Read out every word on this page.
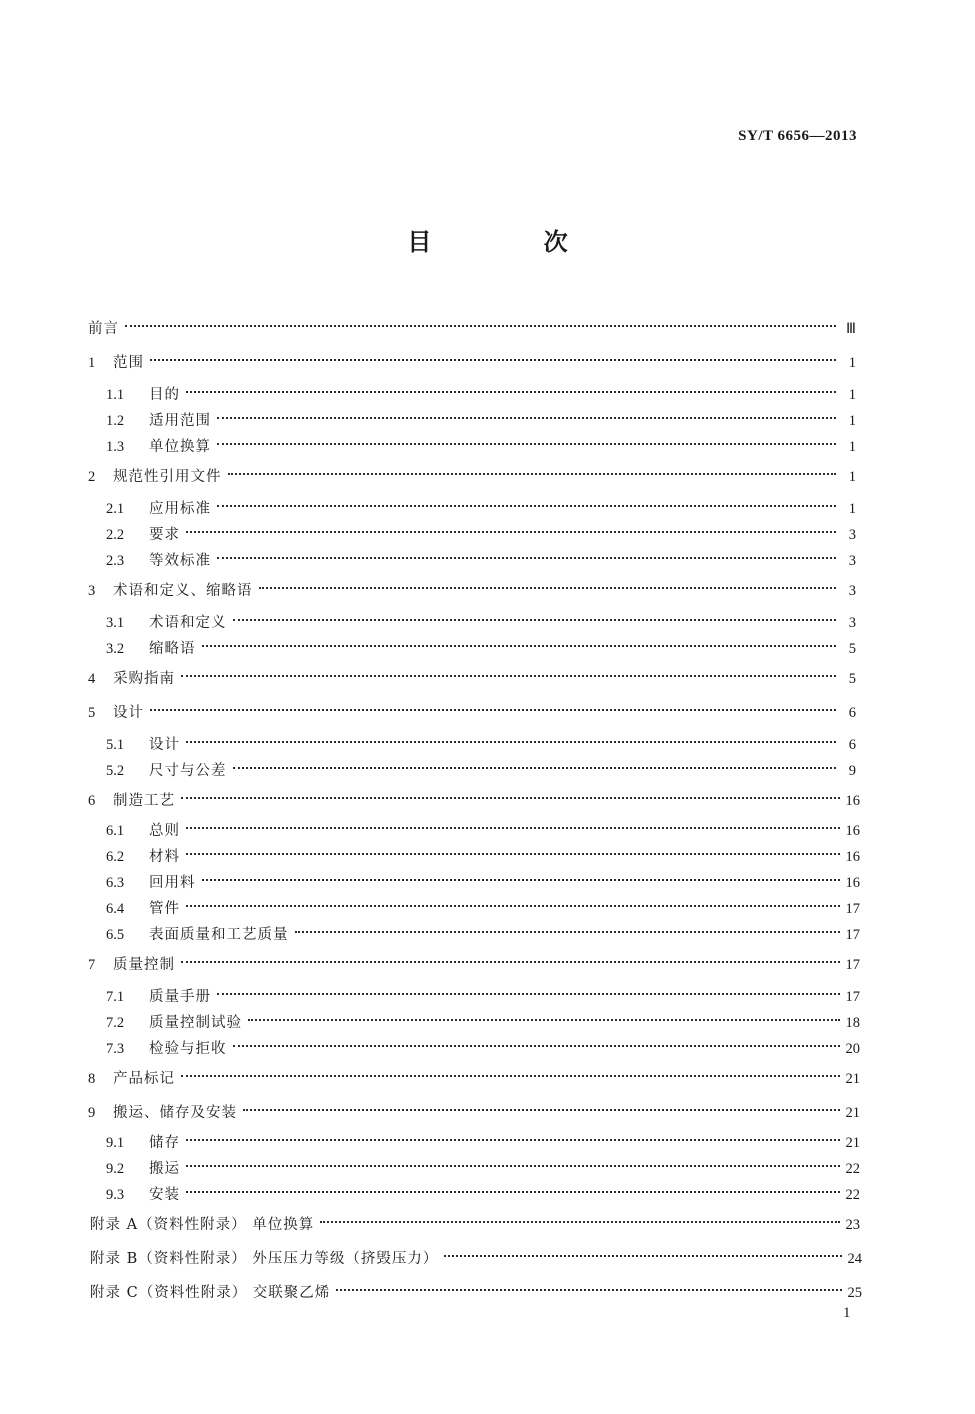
SY/T 6656—2013
目 次
前言	Ⅲ
1	范围	1
1.1	目的	1
1.2	适用范围	1
1.3	单位换算	1
2	规范性引用文件	1
2.1	应用标准	1
2.2	要求	3
2.3	等效标准	3
3	术语和定义、缩略语	3
3.1	术语和定义	3
3.2	缩略语	5
4	采购指南	5
5	设计	6
5.1	设计	6
5.2	尺寸与公差	9
6	制造工艺	16
6.1	总则	16
6.2	材料	16
6.3	回用料	16
6.4	管件	17
6.5	表面质量和工艺质量	17
7	质量控制	17
7.1	质量手册	17
7.2	质量控制试验	18
7.3	检验与拒收	20
8	产品标记	21
9	搬运、储存及安装	21
9.1	储存	21
9.2	搬运	22
9.3	安装	22
附录 A（资料性附录） 单位换算	23
附录 B（资料性附录） 外压压力等级（挤毁压力）	24
附录 C（资料性附录） 交联聚乙烯	25
1
